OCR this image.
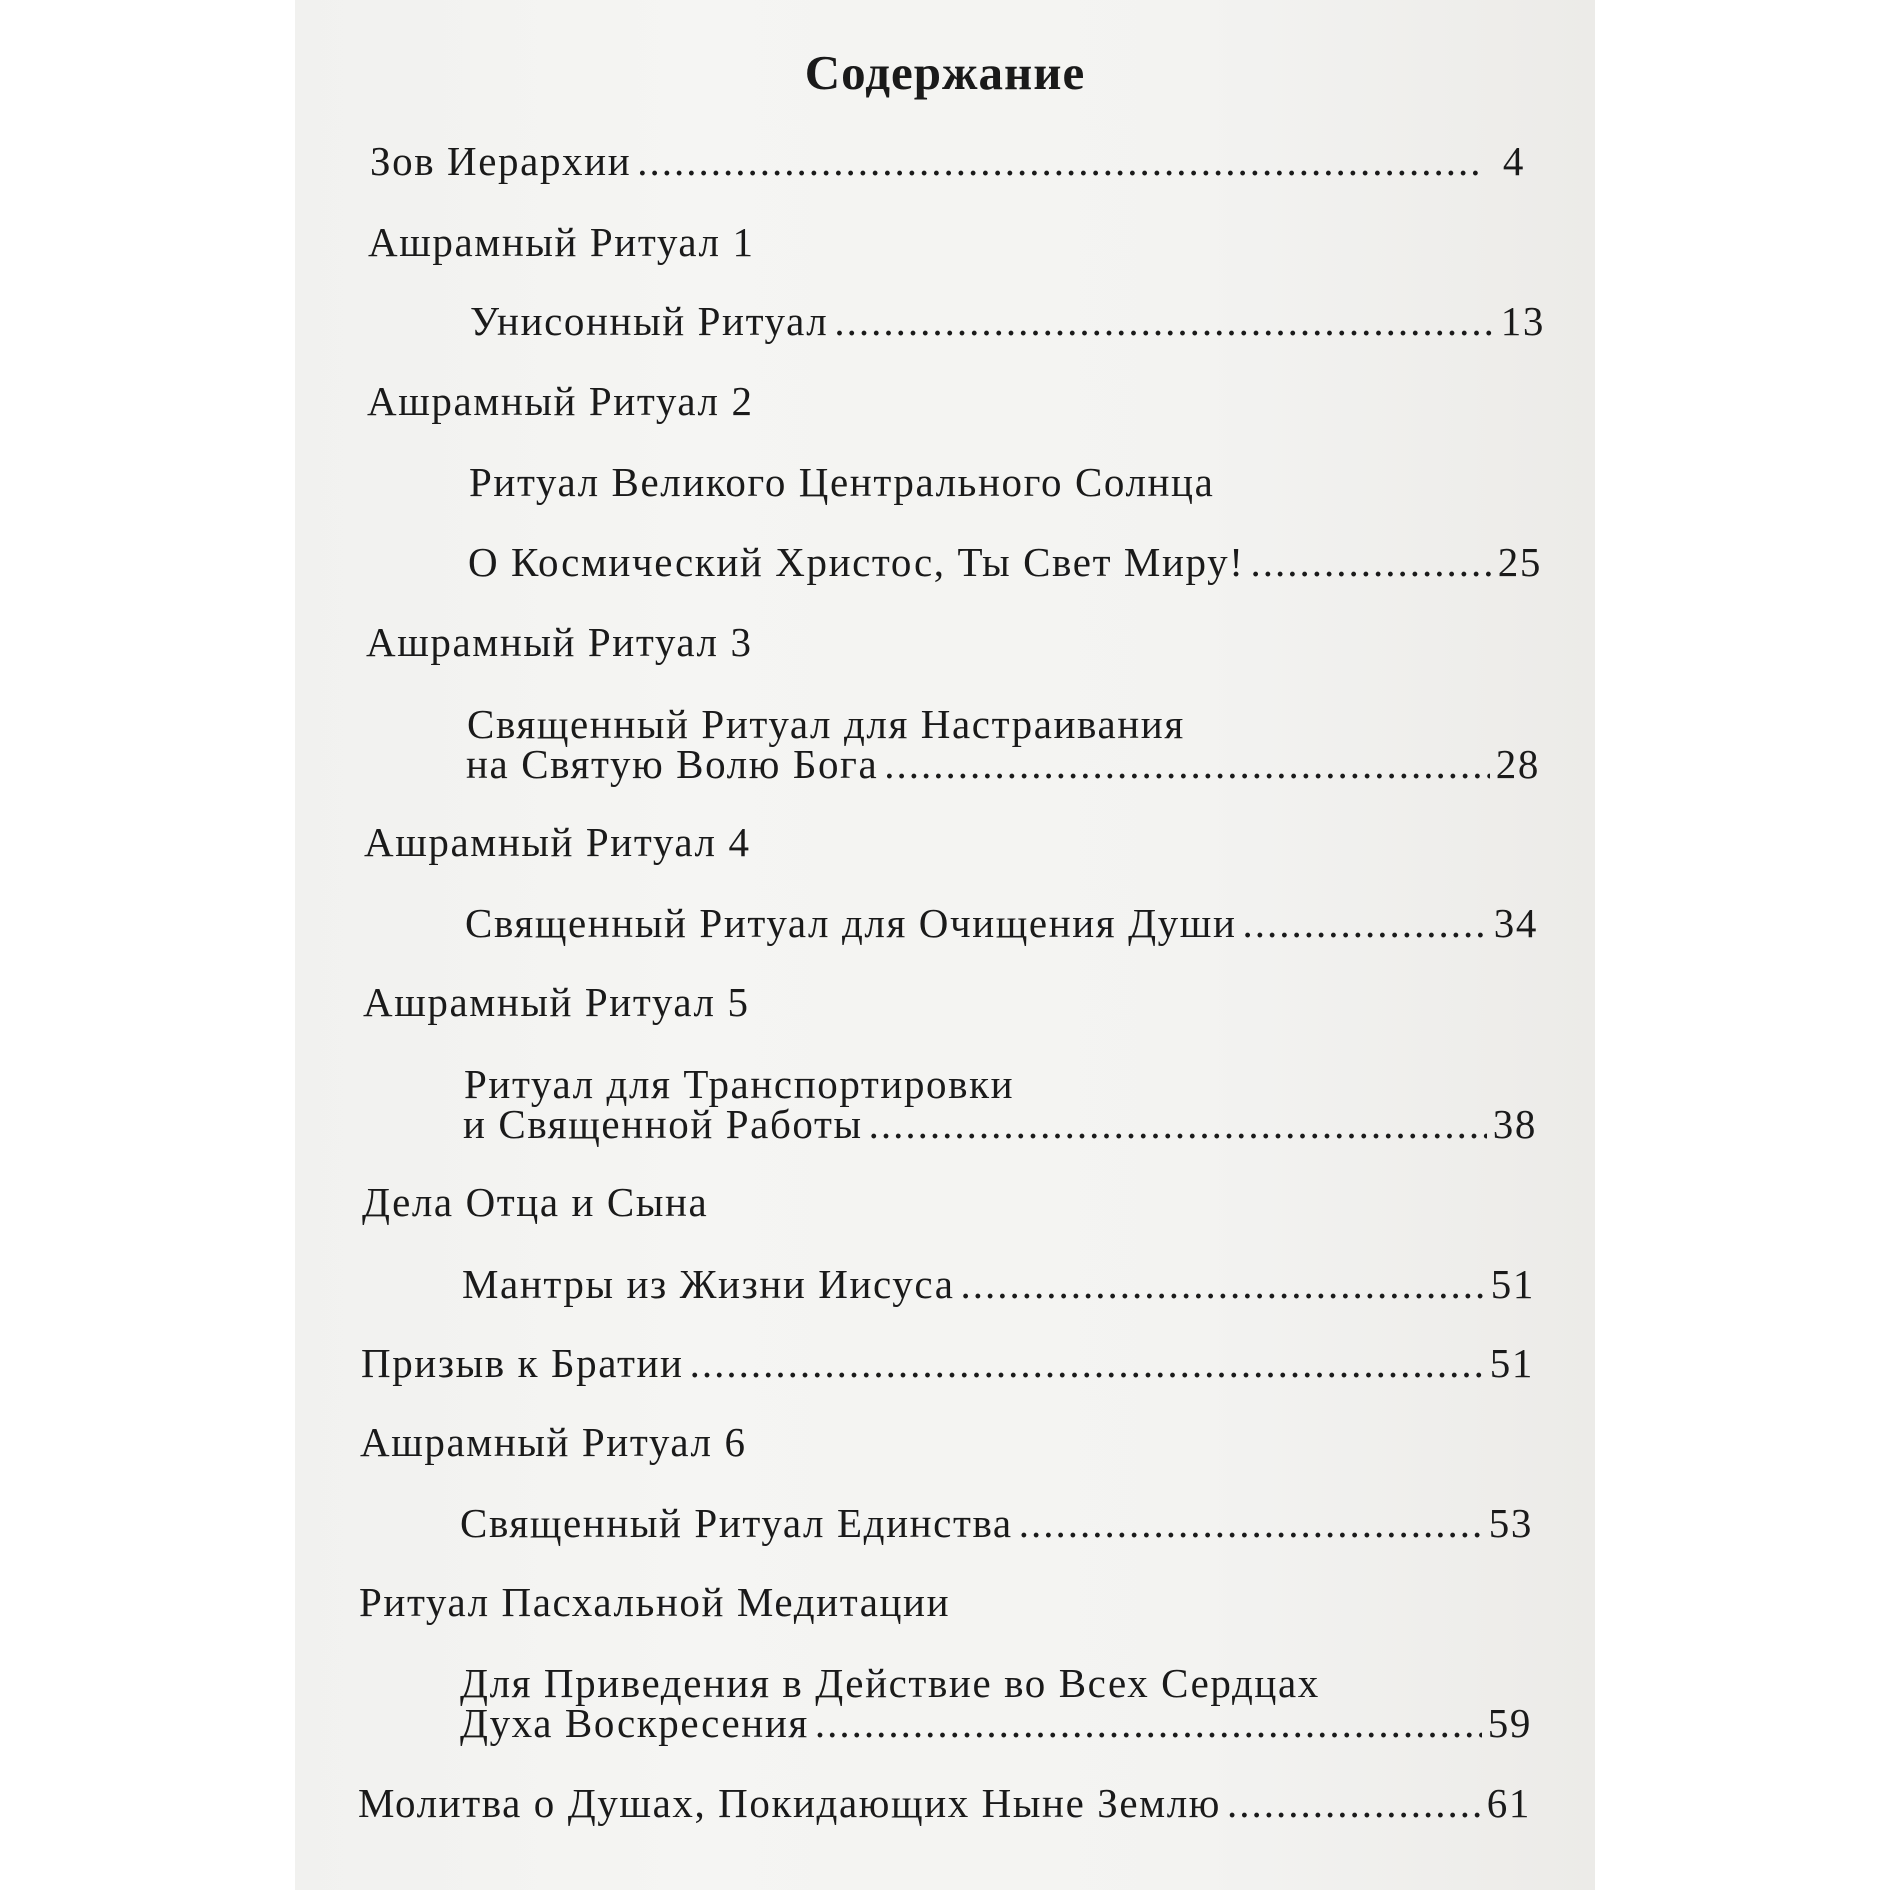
Содержание
Зов Иерархии .....	4
Ашрамный Ритуал 1
Унисонный Ритуал .....	13
Ашрамный Ритуал 2
Ритуал Великого Центрального Солнца
О Космический Христос, Ты Свет Миру! .....	25
Ашрамный Ритуал 3
Священный Ритуал для Настраивания
на Святую Волю Бога .....	28
Ашрамный Ритуал 4
Священный Ритуал для Очищения Души .....	34
Ашрамный Ритуал 5
Ритуал для Транспортировки
и Священной Работы .....	38
Дела Отца и Сына
Мантры из Жизни Иисуса .....	51
Призыв к Братии .....	51
Ашрамный Ритуал 6
Священный Ритуал Единства .....	53
Ритуал Пасхальной Медитации
Для Приведения в Действие во Всех Сердцах
Духа Воскресения .....	59
Молитва о Душах, Покидающих Ныне Землю .....	61
